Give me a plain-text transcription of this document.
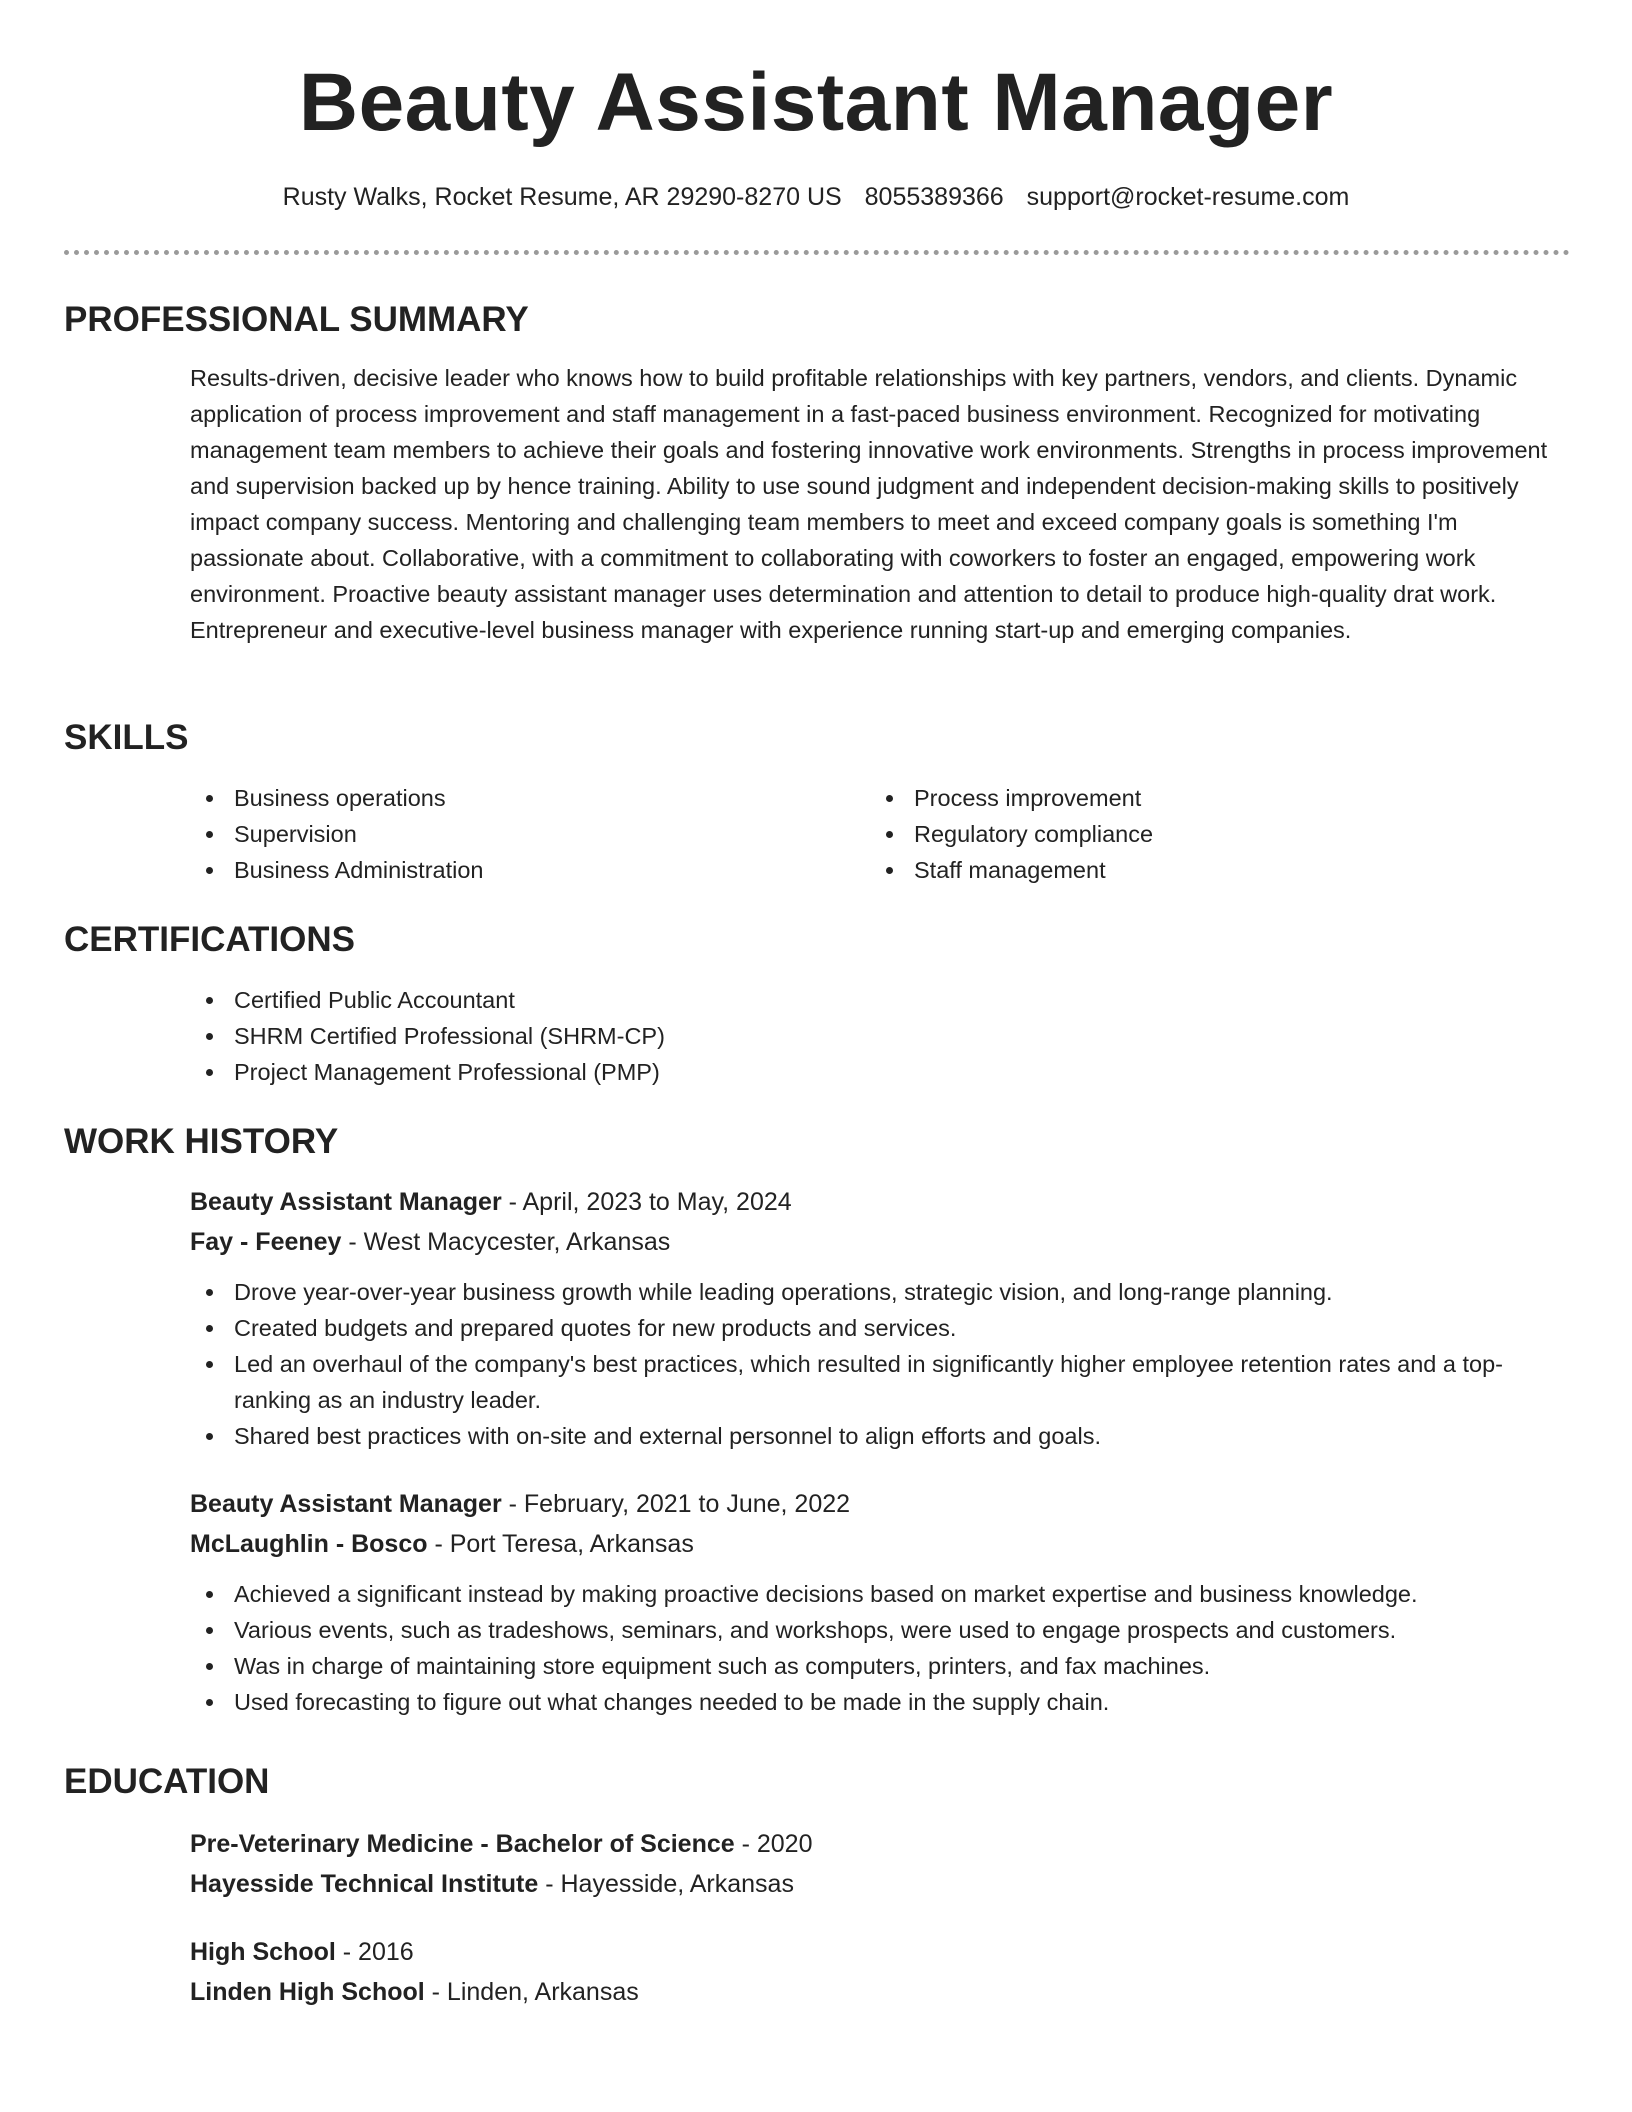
Beauty Assistant Manager
Rusty Walks, Rocket Resume, AR 29290-8270 US 8055389366 support@rocket-resume.com
PROFESSIONAL SUMMARY

Results-driven, decisive leader who knows how to build profitable relationships with key partners, vendors, and clients. Dynamic application of process improvement and staff management in a fast-paced business environment. Recognized for motivating management team members to achieve their goals and fostering innovative work environments. Strengths in process improvement and supervision backed up by hence training. Ability to use sound judgment and independent decision-making skills to positively impact company success. Mentoring and challenging team members to meet and exceed company goals is something I'm passionate about. Collaborative, with a commitment to collaborating with coworkers to foster an engaged, empowering work environment. Proactive beauty assistant manager uses determination and attention to detail to produce high-quality drat work. Entrepreneur and executive-level business manager with experience running start-up and emerging companies.

SKILLS
Business operations
Supervision
Business Administration
Process improvement
Regulatory compliance
Staff management
CERTIFICATIONS
Certified Public Accountant
SHRM Certified Professional (SHRM-CP)
Project Management Professional (PMP)
WORK HISTORY
Beauty Assistant Manager - April, 2023 to May, 2024
Fay - Feeney - West Macycester, Arkansas
Drove year-over-year business growth while leading operations, strategic vision, and long-range planning.
Created budgets and prepared quotes for new products and services.
Led an overhaul of the company's best practices, which resulted in significantly higher employee retention rates and a top-ranking as an industry leader.
Shared best practices with on-site and external personnel to align efforts and goals.
Beauty Assistant Manager - February, 2021 to June, 2022
McLaughlin - Bosco - Port Teresa, Arkansas
Achieved a significant instead by making proactive decisions based on market expertise and business knowledge.
Various events, such as tradeshows, seminars, and workshops, were used to engage prospects and customers.
Was in charge of maintaining store equipment such as computers, printers, and fax machines.
Used forecasting to figure out what changes needed to be made in the supply chain.
EDUCATION
Pre-Veterinary Medicine - Bachelor of Science - 2020
Hayesside Technical Institute - Hayesside, Arkansas
High School - 2016
Linden High School - Linden, Arkansas
